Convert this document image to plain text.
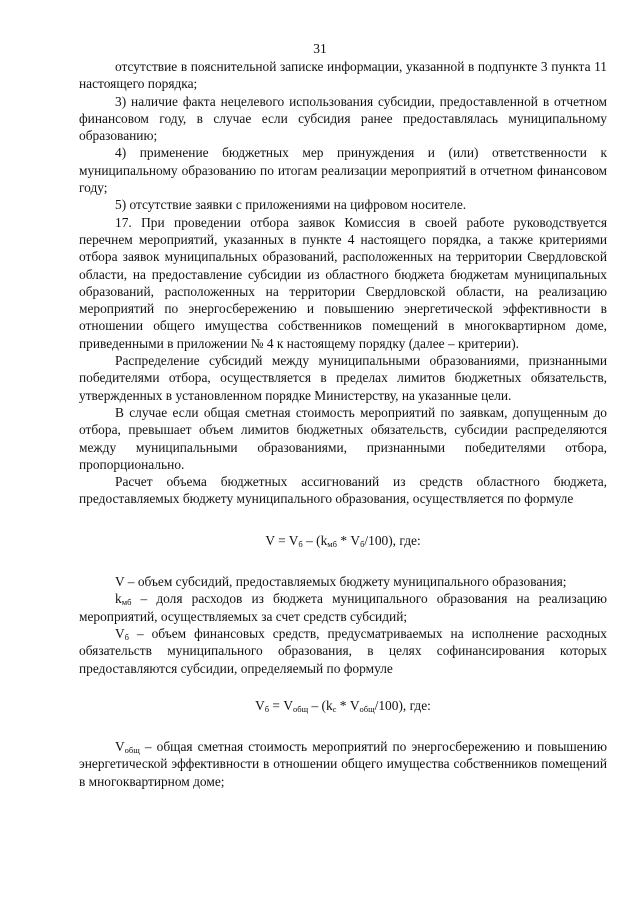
31

отсутствие в пояснительной записке информации, указанной в подпункте 3 пункта 11 настоящего порядка;

3) наличие факта нецелевого использования субсидии, предоставленной в отчетном финансовом году, в случае если субсидия ранее предоставлялась муниципальному образованию;

4) применение бюджетных мер принуждения и (или) ответственности к муниципальному образованию по итогам реализации мероприятий в отчетном финансовом году;

5) отсутствие заявки с приложениями на цифровом носителе.

17. При проведении отбора заявок Комиссия в своей работе руководствуется перечнем мероприятий, указанных в пункте 4 настоящего порядка, а также критериями отбора заявок муниципальных образований, расположенных на территории Свердловской области, на предоставление субсидии из областного бюджета бюджетам муниципальных образований, расположенных на территории Свердловской области, на реализацию мероприятий по энергосбережению и повышению энергетической эффективности в отношении общего имущества собственников помещений в многоквартирном доме, приведенными в приложении № 4 к настоящему порядку (далее – критерии).

Распределение субсидий между муниципальными образованиями, признанными победителями отбора, осуществляется в пределах лимитов бюджетных обязательств, утвержденных в установленном порядке Министерству, на указанные цели.

В случае если общая сметная стоимость мероприятий по заявкам, допущенным до отбора, превышает объем лимитов бюджетных обязательств, субсидии распределяются между муниципальными образованиями, признанными победителями отбора, пропорционально.

Расчет объема бюджетных ассигнований из средств областного бюджета, предоставляемых бюджету муниципального образования, осуществляется по формуле

$V = V_б - (k_{мб} * V_б/100)$, где:

V – объем субсидий, предоставляемых бюджету муниципального образования;

$k_{мб}$ – доля расходов из бюджета муниципального образования на реализацию мероприятий, осуществляемых за счет средств субсидий;

$V_б$ – объем финансовых средств, предусматриваемых на исполнение расходных обязательств муниципального образования, в целях софинансирования которых предоставляются субсидии, определяемый по формуле

$V_б = V_{общ} - (k_с * V_{общ}/100)$, где:

$V_{общ}$ – общая сметная стоимость мероприятий по энергосбережению и повышению энергетической эффективности в отношении общего имущества собственников помещений в многоквартирном доме;
